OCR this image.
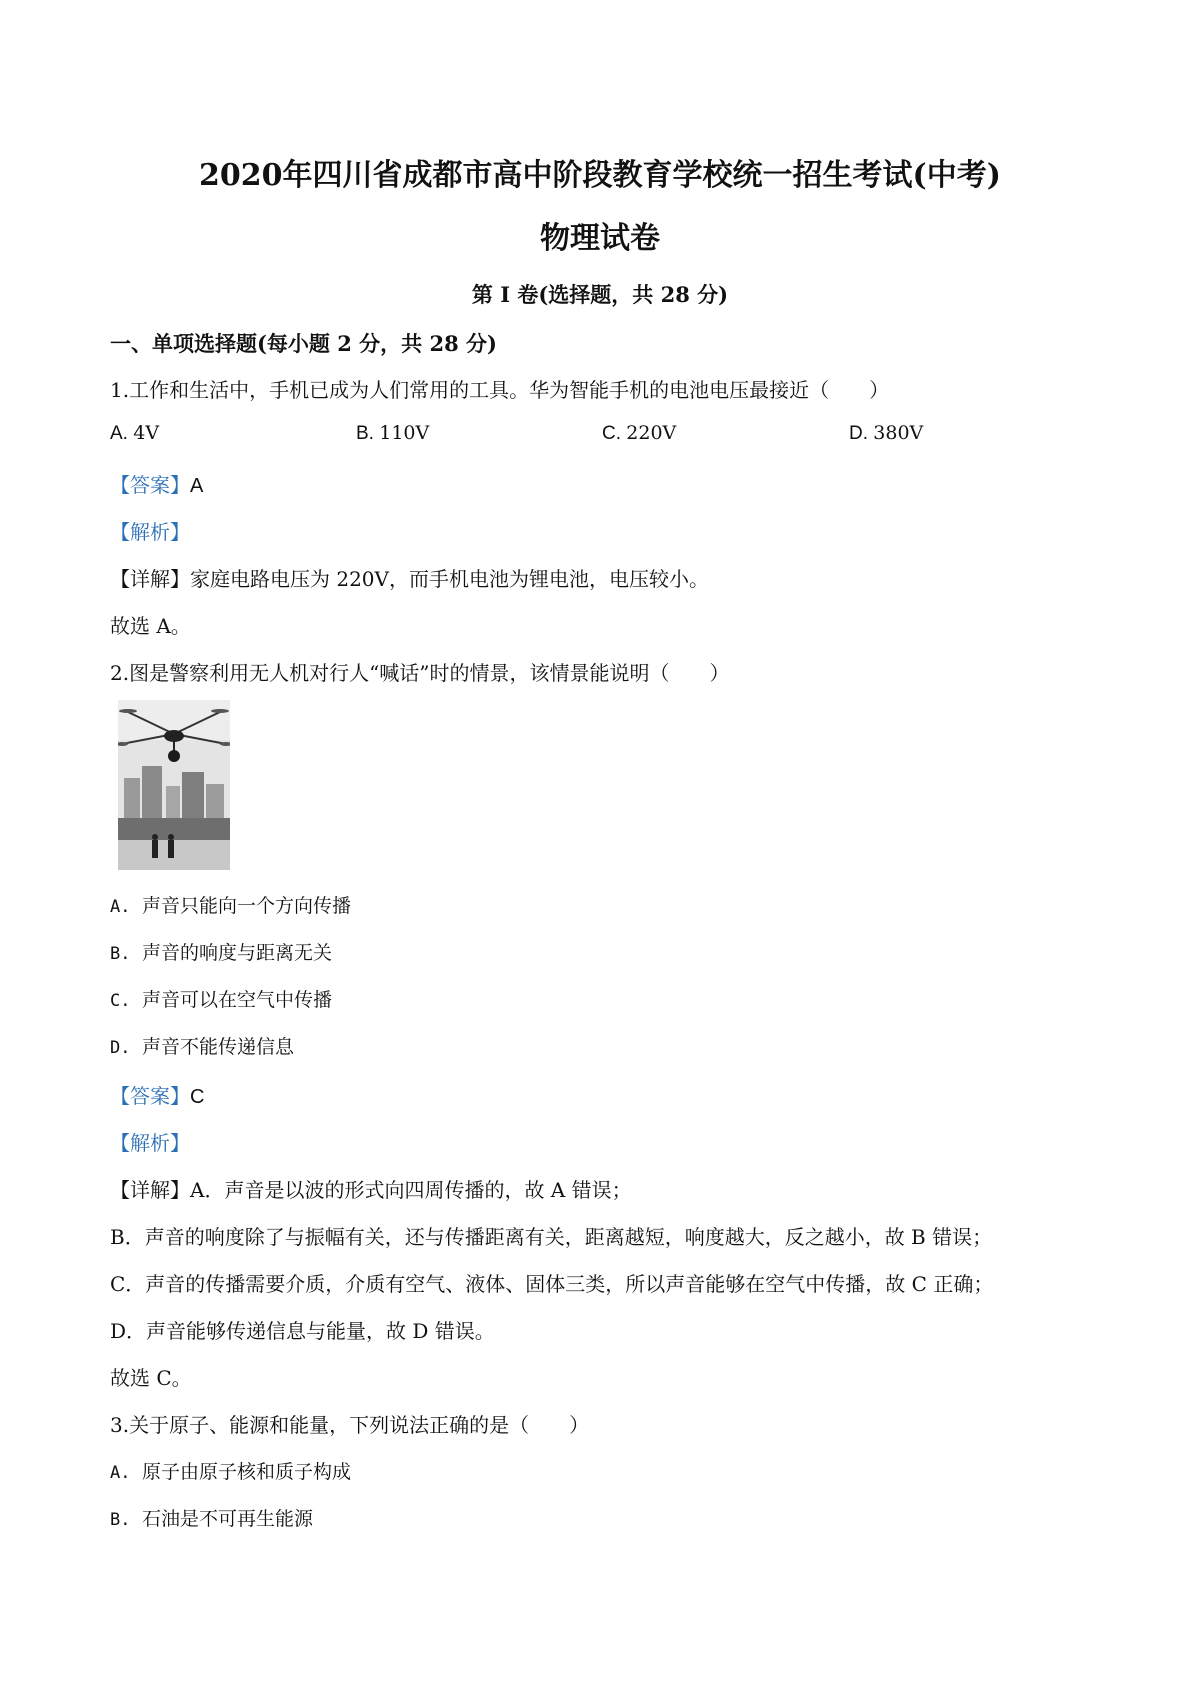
2020年四川省成都市高中阶段教育学校统一招生考试(中考)
物理试卷
第 I 卷(选择题，共 28 分)
一、单项选择题(每小题 2 分，共 28 分)
1.工作和生活中，手机已成为人们常用的工具。华为智能手机的电池电压最接近（　　）
A. 4V	B. 110V	C. 220V	D. 380V
【答案】A
【解析】
【详解】家庭电路电压为 220V，而手机电池为锂电池，电压较小。
故选 A。
2.图是警察利用无人机对行人“喊话”时的情景，该情景能说明（　　）
A. 声音只能向一个方向传播
B. 声音的响度与距离无关
C. 声音可以在空气中传播
D. 声音不能传递信息
【答案】C
【解析】
【详解】A．声音是以波的形式向四周传播的，故 A 错误；
B．声音的响度除了与振幅有关，还与传播距离有关，距离越短，响度越大，反之越小，故 B 错误；
C．声音的传播需要介质，介质有空气、液体、固体三类，所以声音能够在空气中传播，故 C 正确；
D．声音能够传递信息与能量，故 D 错误。
故选 C。
3.关于原子、能源和能量，下列说法正确的是（　　）
A. 原子由原子核和质子构成
B. 石油是不可再生能源
